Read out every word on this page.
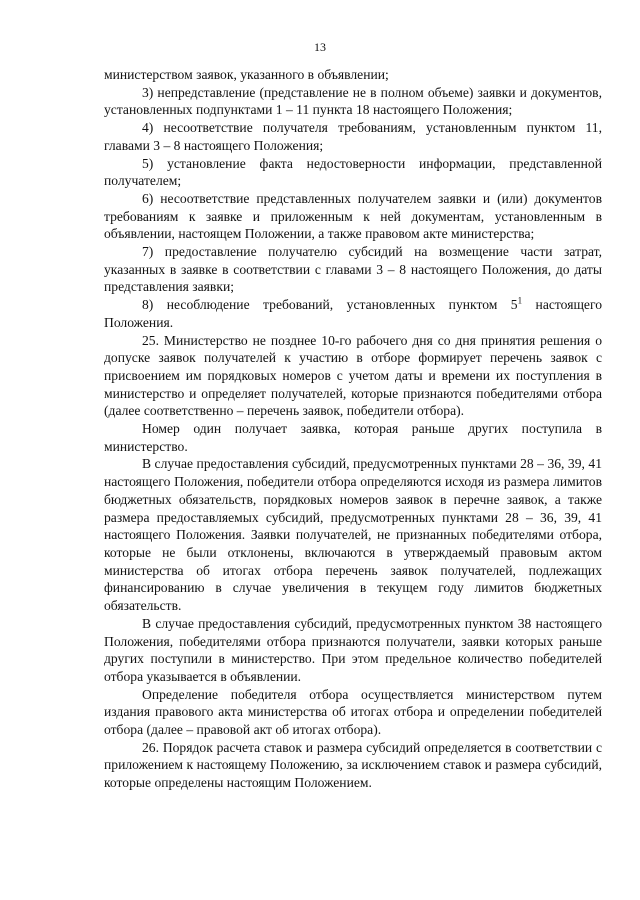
13

министерством заявок, указанного в объявлении;

3) непредставление (представление не в полном объеме) заявки и документов, установленных подпунктами 1 – 11 пункта 18 настоящего Положения;

4) несоответствие получателя требованиям, установленным пунктом 11, главами 3 – 8 настоящего Положения;

5) установление факта недостоверности информации, представленной получателем;

6) несоответствие представленных получателем заявки и (или) документов требованиям к заявке и приложенным к ней документам, установленным в объявлении, настоящем Положении, а также правовом акте министерства;

7) предоставление получателю субсидий на возмещение части затрат, указанных в заявке в соответствии с главами 3 – 8 настоящего Положения, до даты представления заявки;

8) несоблюдение требований, установленных пунктом $5^1$ настоящего Положения.

25. Министерство не позднее 10-го рабочего дня со дня принятия решения о допуске заявок получателей к участию в отборе формирует перечень заявок с присвоением им порядковых номеров с учетом даты и времени их поступления в министерство и определяет получателей, которые признаются победителями отбора (далее соответственно – перечень заявок, победители отбора).

Номер один получает заявка, которая раньше других поступила в министерство.

В случае предоставления субсидий, предусмотренных пунктами 28 – 36, 39, 41 настоящего Положения, победители отбора определяются исходя из размера лимитов бюджетных обязательств, порядковых номеров заявок в перечне заявок, а также размера предоставляемых субсидий, предусмотренных пунктами 28 – 36, 39, 41 настоящего Положения. Заявки получателей, не признанных победителями отбора, которые не были отклонены, включаются в утверждаемый правовым актом министерства об итогах отбора перечень заявок получателей, подлежащих финансированию в случае увеличения в текущем году лимитов бюджетных обязательств.

В случае предоставления субсидий, предусмотренных пунктом 38 настоящего Положения, победителями отбора признаются получатели, заявки которых раньше других поступили в министерство. При этом предельное количество победителей отбора указывается в объявлении.

Определение победителя отбора осуществляется министерством путем издания правового акта министерства об итогах отбора и определении победителей отбора (далее – правовой акт об итогах отбора).

26. Порядок расчета ставок и размера субсидий определяется в соответствии с приложением к настоящему Положению, за исключением ставок и размера субсидий, которые определены настоящим Положением.
